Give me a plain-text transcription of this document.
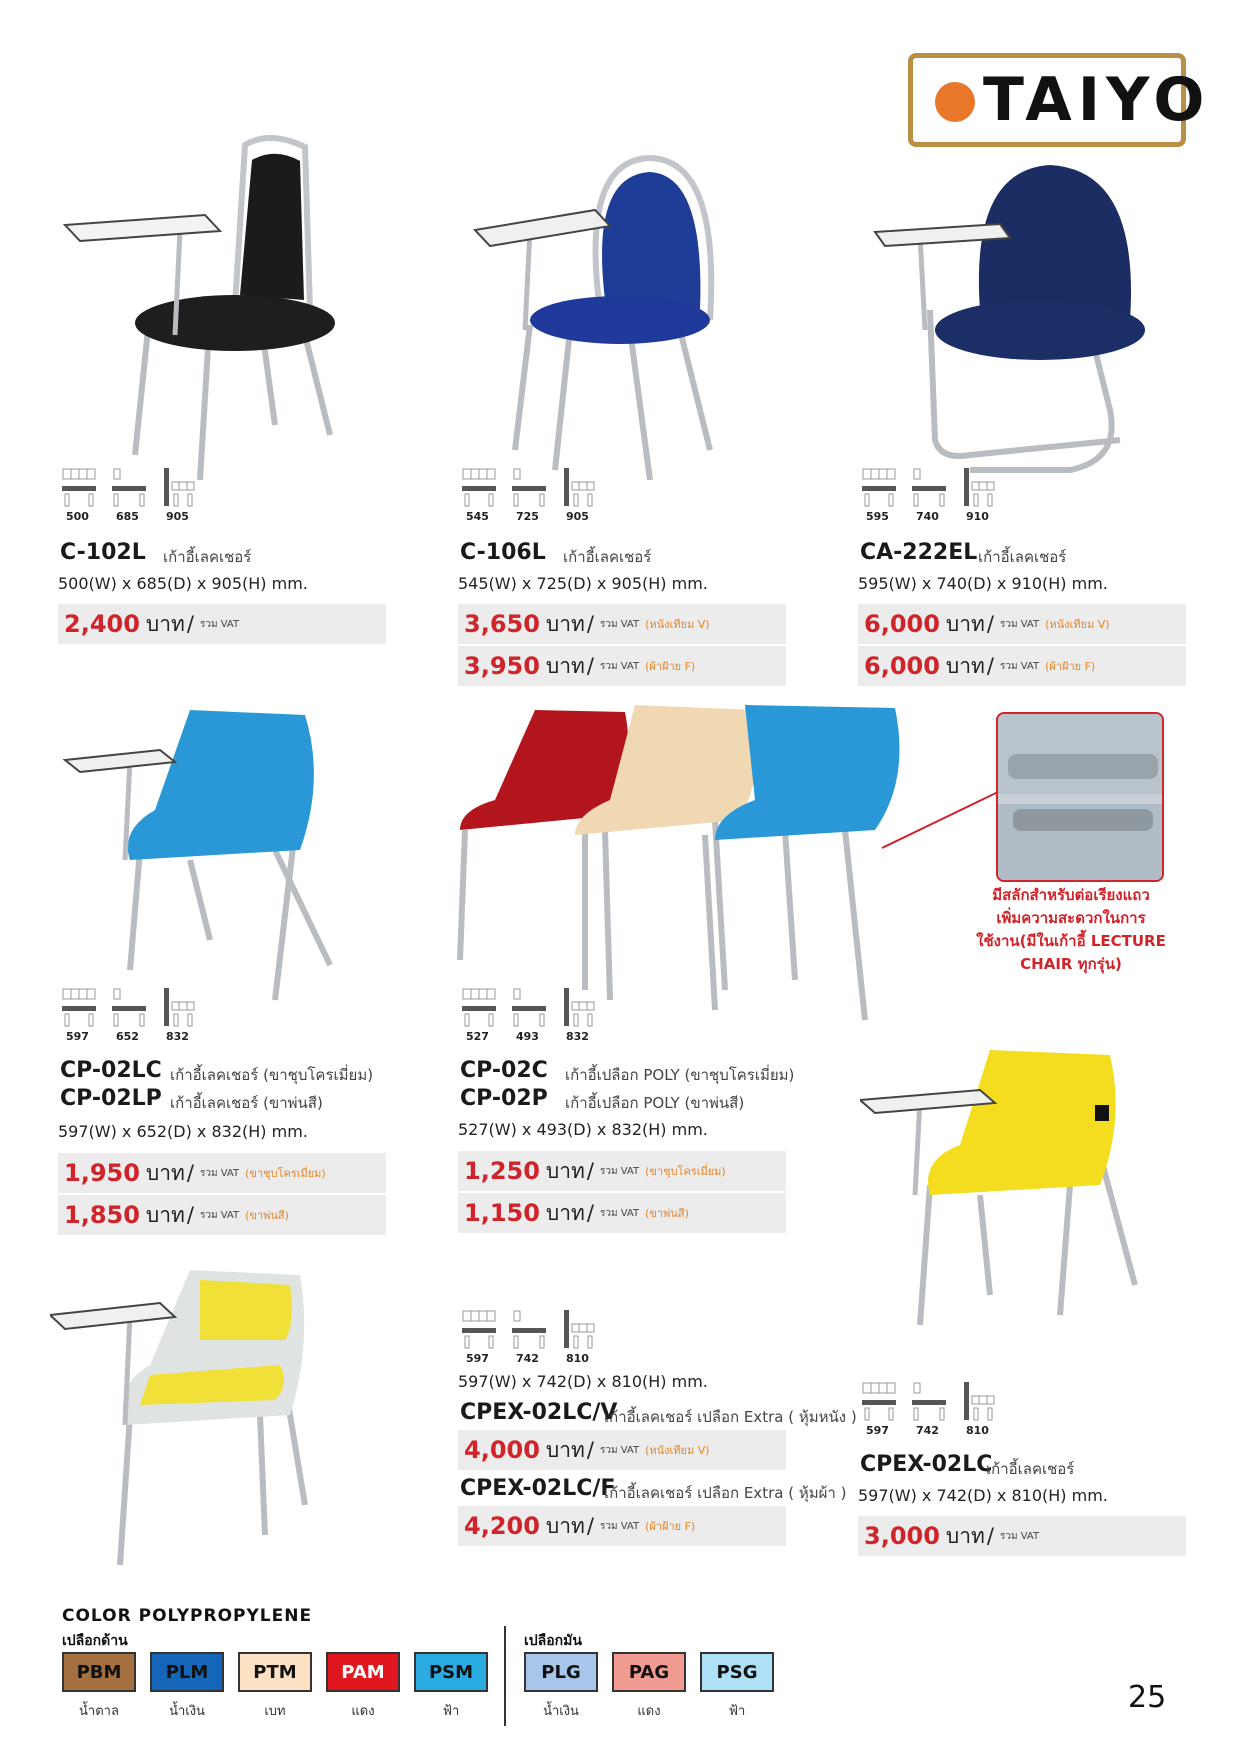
TAIYO
มีสลักสำหรับต่อเรียงแถว
เพิ่มความสะดวกในการ
ใช้งาน(มีในเก้าอี้ LECTURE
CHAIR ทุกรุ่น)
500	685	905	545	725	905	595	740	910
597	652	832	527	493	832
597	742	810
597	742	810
C-102L เก้าอี้เลคเชอร์
500(W) x 685(D) x 905(H) mm.
2,400 บาท / รวม VAT
C-106L เก้าอี้เลคเชอร์
545(W) x 725(D) x 905(H) mm.
3,650 บาท / รวม VAT (หนังเทียม V)
3,950 บาท / รวม VAT (ผ้าฝ้าย F)
CA-222EL เก้าอี้เลคเชอร์
595(W) x 740(D) x 910(H) mm.
6,000 บาท / รวม VAT (หนังเทียม V)
6,000 บาท / รวม VAT (ผ้าฝ้าย F)
CP-02LC เก้าอี้เลคเชอร์ (ขาชุบโครเมี่ยม)
CP-02LP เก้าอี้เลคเชอร์ (ขาพ่นสี)
597(W) x 652(D) x 832(H) mm.
1,950 บาท / รวม VAT (ขาชุบโครเมี่ยม)
1,850 บาท / รวม VAT (ขาพ่นสี)
CP-02C เก้าอี้เปลือก POLY (ขาชุบโครเมี่ยม)
CP-02P เก้าอี้เปลือก POLY (ขาพ่นสี)
527(W) x 493(D) x 832(H) mm.
1,250 บาท / รวม VAT (ขาชุบโครเมี่ยม)
1,150 บาท / รวม VAT (ขาพ่นสี)
597(W) x 742(D) x 810(H) mm.
CPEX-02LC/V
เก้าอี้เลคเชอร์ เปลือก Extra ( หุ้มหนัง )
4,000 บาท / รวม VAT (หนังเทียม V)
CPEX-02LC/F
เก้าอี้เลคเชอร์ เปลือก Extra ( หุ้มผ้า )
4,200 บาท / รวม VAT (ผ้าฝ้าย F)
CPEX-02LC
เก้าอี้เลคเชอร์
597(W) x 742(D) x 810(H) mm.
3,000 บาท / รวม VAT
COLOR POLYPROPYLENE
เปลือกด้าน	เปลือกมัน
PBM
น้ำตาล
PLM
น้ำเงิน
PTM
เบท
PAM
แดง
PSM
ฟ้า
PLG
น้ำเงิน
PAG
แดง
PSG
ฟ้า	25
